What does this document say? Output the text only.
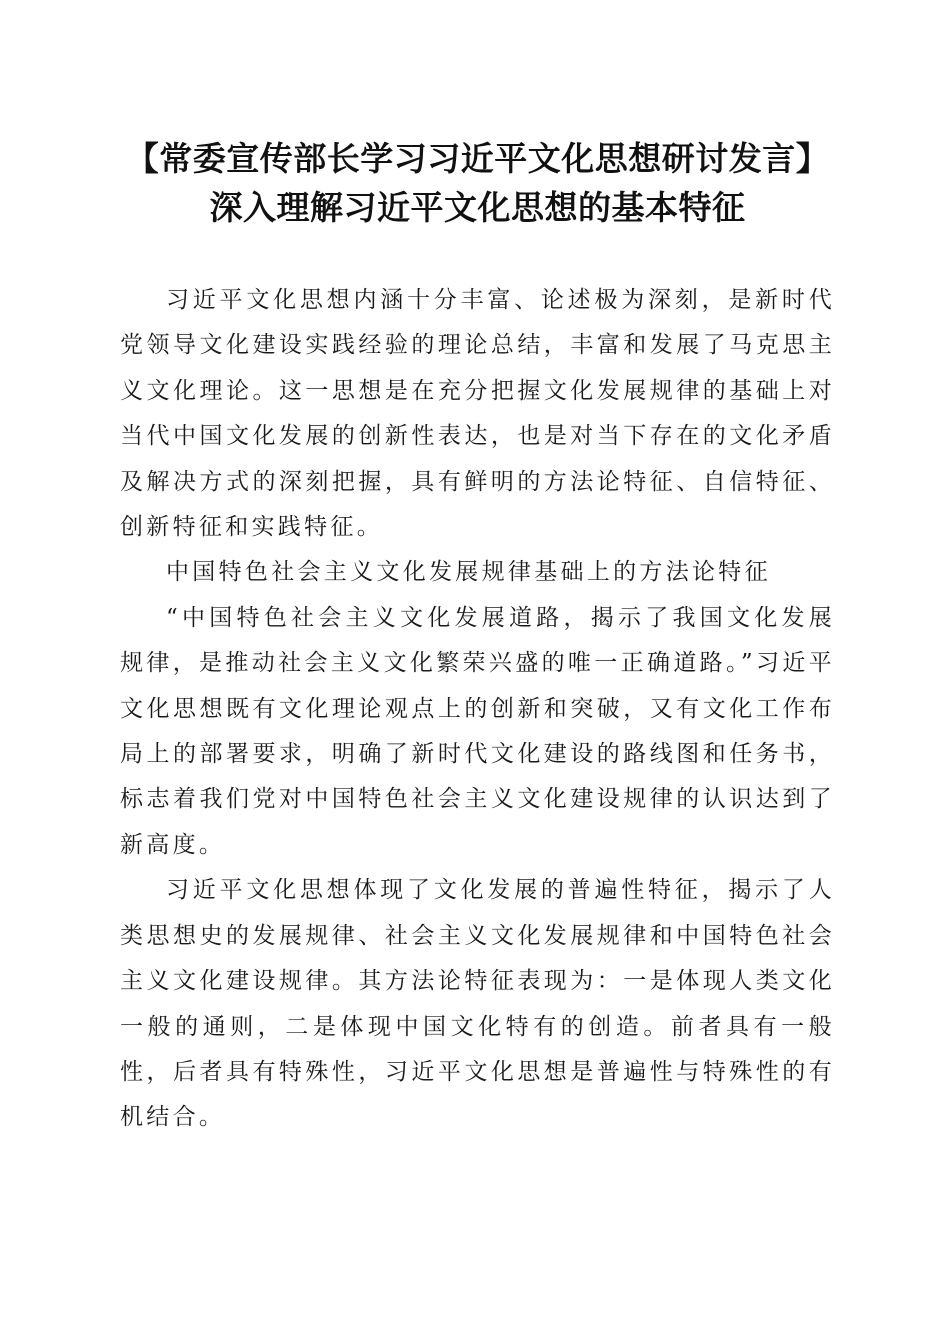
【常委宣传部长学习习近平文化思想研讨发言】深入理解习近平文化思想的基本特征

习近平文化思想内涵十分丰富、论述极为深刻，是新时代党领导文化建设实践经验的理论总结，丰富和发展了马克思主义文化理论。这一思想是在充分把握文化发展规律的基础上对当代中国文化发展的创新性表达，也是对当下存在的文化矛盾及解决方式的深刻把握，具有鲜明的方法论特征、自信特征、创新特征和实践特征。

中国特色社会主义文化发展规律基础上的方法论特征

“中国特色社会主义文化发展道路，揭示了我国文化发展规律，是推动社会主义文化繁荣兴盛的唯一正确道路。”习近平文化思想既有文化理论观点上的创新和突破，又有文化工作布局上的部署要求，明确了新时代文化建设的路线图和任务书，标志着我们党对中国特色社会主义文化建设规律的认识达到了新高度。

习近平文化思想体现了文化发展的普遍性特征，揭示了人类思想史的发展规律、社会主义文化发展规律和中国特色社会主义文化建设规律。其方法论特征表现为：一是体现人类文化一般的通则，二是体现中国文化特有的创造。前者具有一般性，后者具有特殊性，习近平文化思想是普遍性与特殊性的有机结合。
